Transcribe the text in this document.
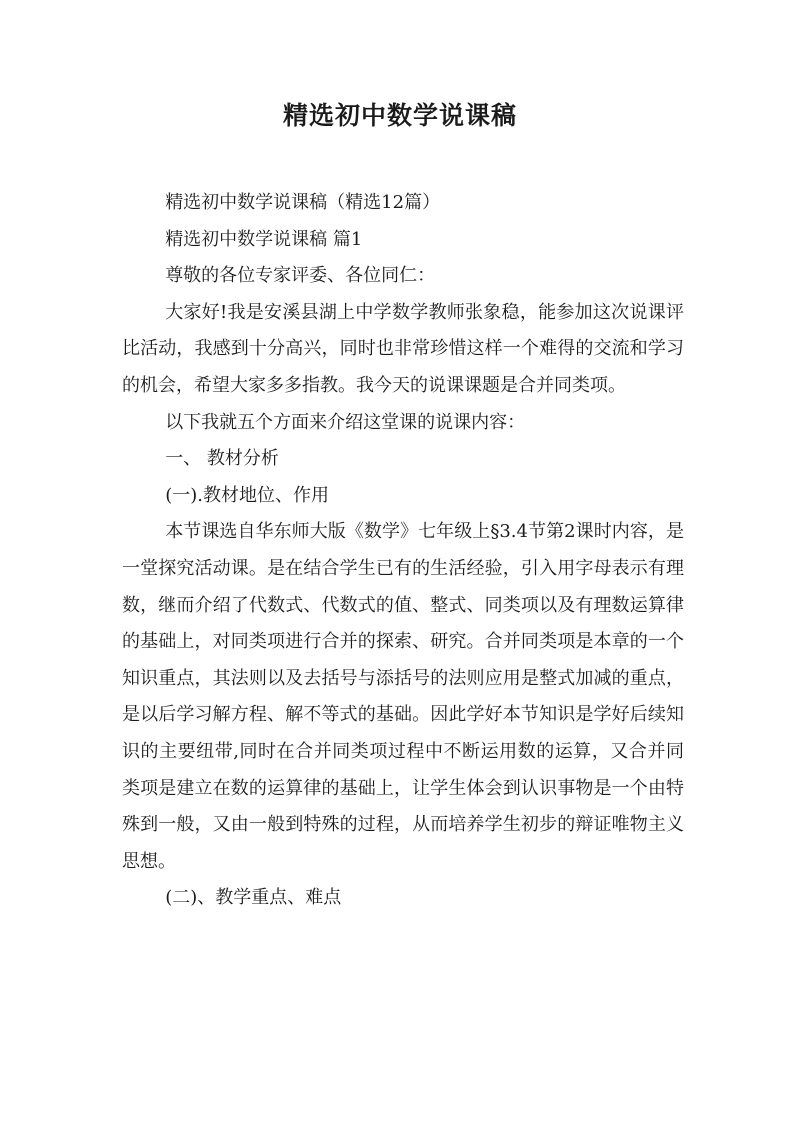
精选初中数学说课稿

精选初中数学说课稿（精选12篇）

精选初中数学说课稿 篇1

尊敬的各位专家评委、各位同仁：

大家好!我是安溪县湖上中学数学教师张象稳，能参加这次说课评比活动，我感到十分高兴，同时也非常珍惜这样一个难得的交流和学习的机会，希望大家多多指教。我今天的说课课题是合并同类项。

以下我就五个方面来介绍这堂课的说课内容：

一、 教材分析

(一).教材地位、作用

本节课选自华东师大版《数学》七年级上§3.4节第2课时内容，是一堂探究活动课。是在结合学生已有的生活经验，引入用字母表示有理数，继而介绍了代数式、代数式的值、整式、同类项以及有理数运算律的基础上，对同类项进行合并的探索、研究。合并同类项是本章的一个知识重点，其法则以及去括号与添括号的法则应用是整式加减的重点，是以后学习解方程、解不等式的基础。因此学好本节知识是学好后续知识的主要纽带,同时在合并同类项过程中不断运用数的运算，又合并同类项是建立在数的运算律的基础上，让学生体会到认识事物是一个由特殊到一般，又由一般到特殊的过程，从而培养学生初步的辩证唯物主义思想。

(二)、教学重点、难点
